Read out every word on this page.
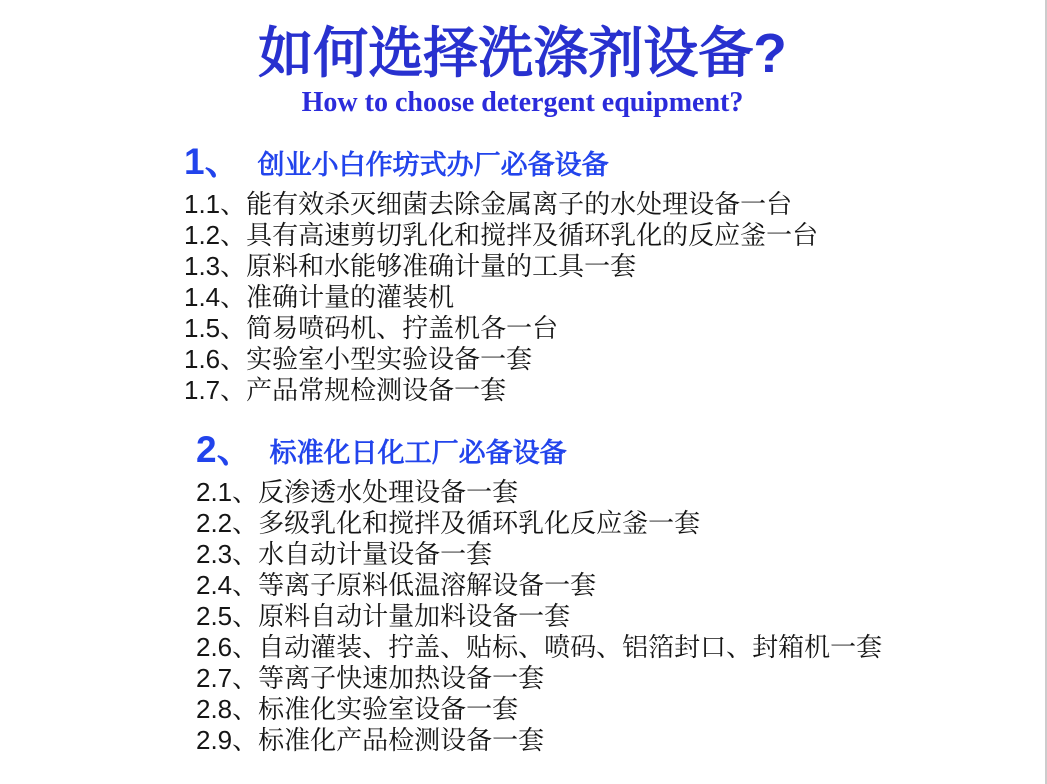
如何选择洗涤剂设备?
How to choose detergent equipment?
1、 创业小白作坊式办厂必备设备
1.1、能有效杀灭细菌去除金属离子的水处理设备一台
1.2、具有高速剪切乳化和搅拌及循环乳化的反应釜一台
1.3、原料和水能够准确计量的工具一套
1.4、准确计量的灌装机
1.5、简易喷码机、拧盖机各一台
1.6、实验室小型实验设备一套
1.7、产品常规检测设备一套
2、 标准化日化工厂必备设备
2.1、反渗透水处理设备一套
2.2、多级乳化和搅拌及循环乳化反应釜一套
2.3、水自动计量设备一套
2.4、等离子原料低温溶解设备一套
2.5、原料自动计量加料设备一套
2.6、自动灌装、拧盖、贴标、喷码、铝箔封口、封箱机一套
2.7、等离子快速加热设备一套
2.8、标准化实验室设备一套
2.9、标准化产品检测设备一套
